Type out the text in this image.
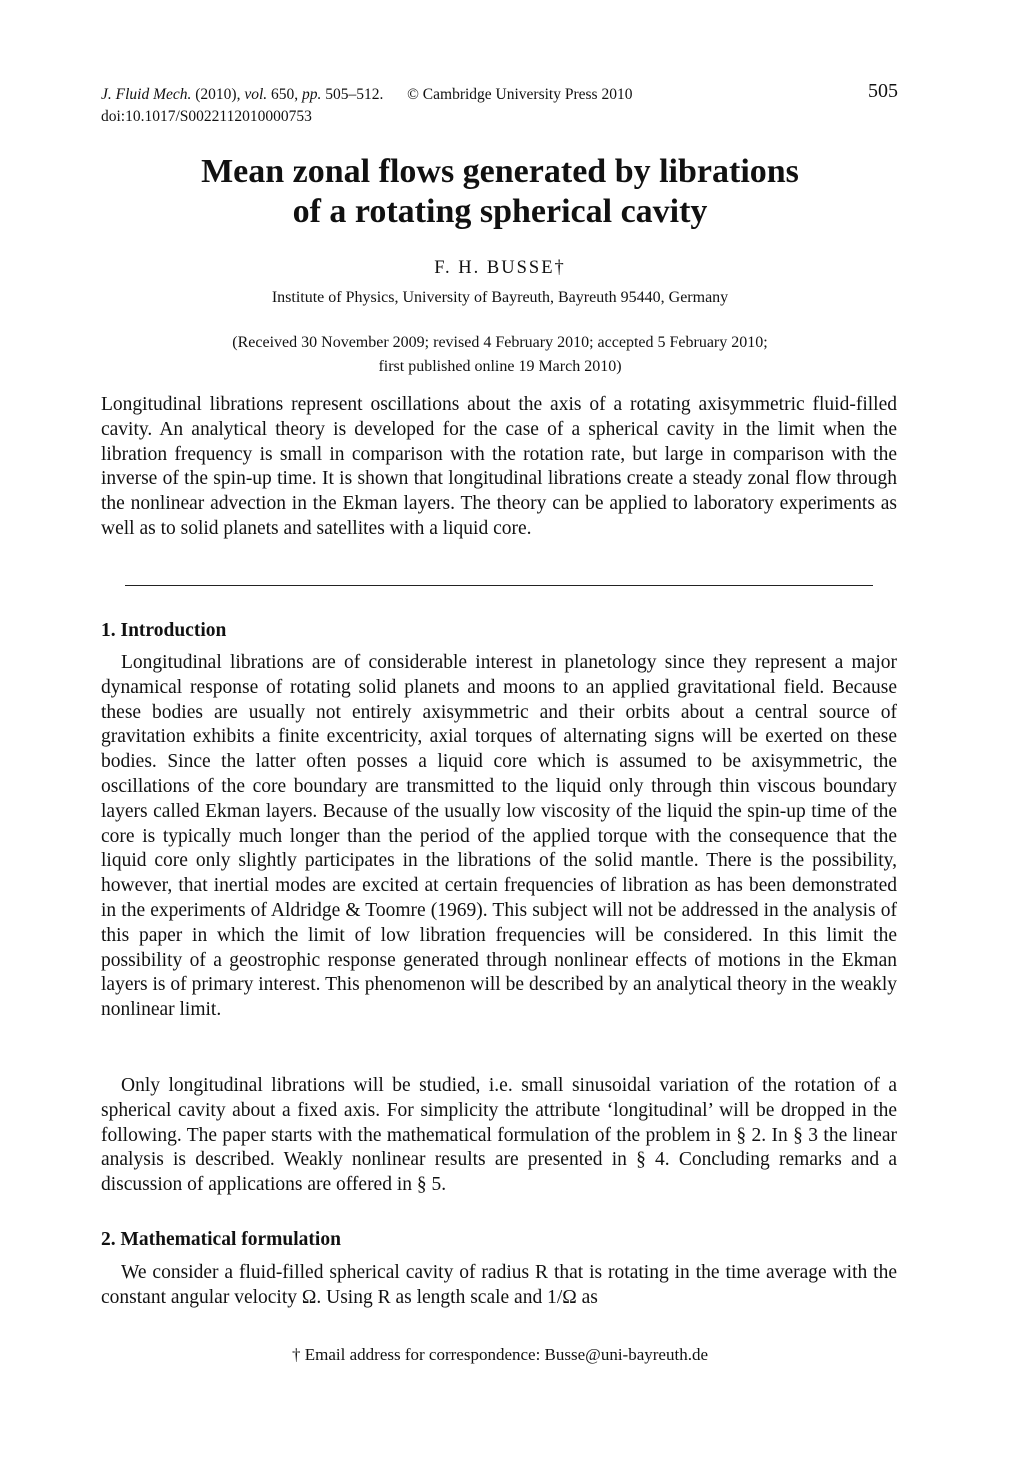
J. Fluid Mech. (2010), vol. 650, pp. 505–512. © Cambridge University Press 2010
doi:10.1017/S0022112010000753
505
Mean zonal flows generated by librations
of a rotating spherical cavity
F. H. BUSSE†
Institute of Physics, University of Bayreuth, Bayreuth 95440, Germany
(Received 30 November 2009; revised 4 February 2010; accepted 5 February 2010;
first published online 19 March 2010)
Longitudinal librations represent oscillations about the axis of a rotating axisymmetric fluid-filled cavity. An analytical theory is developed for the case of a spherical cavity in the limit when the libration frequency is small in comparison with the rotation rate, but large in comparison with the inverse of the spin-up time. It is shown that longitudinal librations create a steady zonal flow through the nonlinear advection in the Ekman layers. The theory can be applied to laboratory experiments as well as to solid planets and satellites with a liquid core.
1. Introduction
Longitudinal librations are of considerable interest in planetology since they represent a major dynamical response of rotating solid planets and moons to an applied gravitational field. Because these bodies are usually not entirely axisymmetric and their orbits about a central source of gravitation exhibits a finite excentricity, axial torques of alternating signs will be exerted on these bodies. Since the latter often posses a liquid core which is assumed to be axisymmetric, the oscillations of the core boundary are transmitted to the liquid only through thin viscous boundary layers called Ekman layers. Because of the usually low viscosity of the liquid the spin-up time of the core is typically much longer than the period of the applied torque with the consequence that the liquid core only slightly participates in the librations of the solid mantle. There is the possibility, however, that inertial modes are excited at certain frequencies of libration as has been demonstrated in the experiments of Aldridge & Toomre (1969). This subject will not be addressed in the analysis of this paper in which the limit of low libration frequencies will be considered. In this limit the possibility of a geostrophic response generated through nonlinear effects of motions in the Ekman layers is of primary interest. This phenomenon will be described by an analytical theory in the weakly nonlinear limit.
Only longitudinal librations will be studied, i.e. small sinusoidal variation of the rotation of a spherical cavity about a fixed axis. For simplicity the attribute ‘longitudinal’ will be dropped in the following. The paper starts with the mathematical formulation of the problem in § 2. In § 3 the linear analysis is described. Weakly nonlinear results are presented in § 4. Concluding remarks and a discussion of applications are offered in § 5.
2. Mathematical formulation
We consider a fluid-filled spherical cavity of radius R that is rotating in the time average with the constant angular velocity Ω. Using R as length scale and 1/Ω as
† Email address for correspondence: Busse@uni-bayreuth.de
